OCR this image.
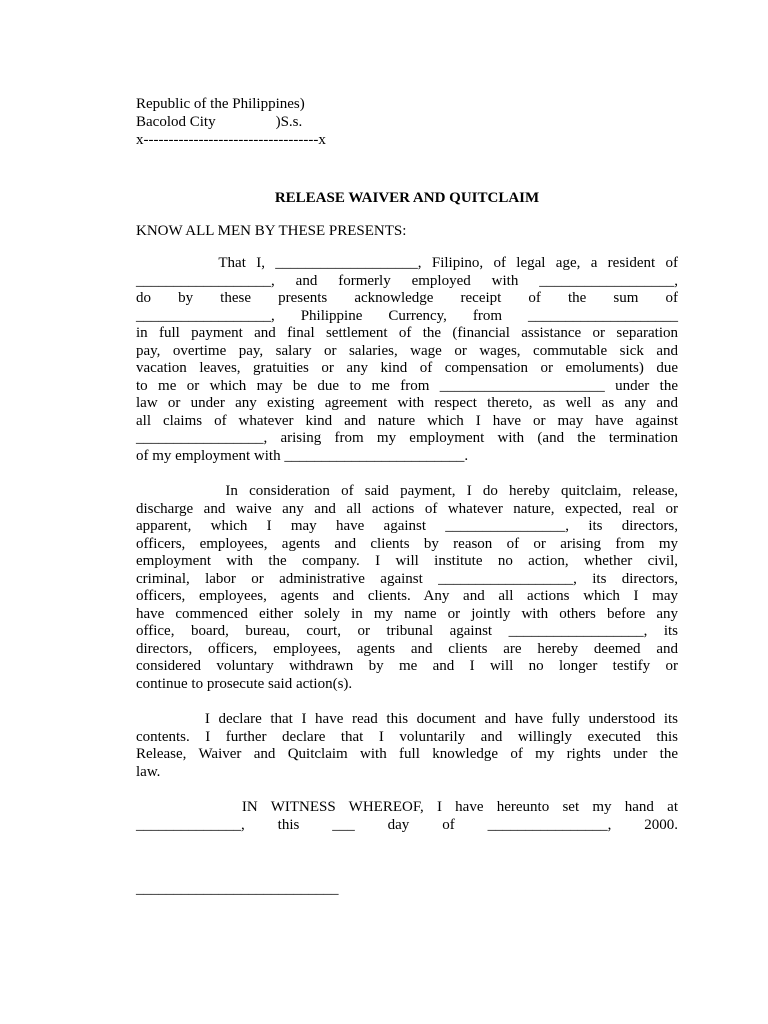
Republic of the Philippines)
Bacolod City                )S.s.
x-----------------------------------x
RELEASE WAIVER AND QUITCLAIM
KNOW ALL MEN BY THESE PRESENTS:
That I, ___________________, Filipino, of legal age, a resident of
__________________, and formerly employed with __________________,
do by these presents acknowledge receipt of the sum of
__________________, Philippine Currency, from ____________________
in full payment and final settlement of the (financial assistance or separation
pay, overtime pay, salary or salaries, wage or wages, commutable sick and
vacation leaves, gratuities or any kind of compensation or emoluments) due
to me or which may be due to me from ______________________ under the
law or under any existing agreement with respect thereto, as well as any and
all claims of whatever kind and nature which I have or may have against
_________________, arising from my employment with (and the termination
of my employment with ________________________.
In consideration of said payment, I do hereby quitclaim, release,
discharge and waive any and all actions of whatever nature, expected, real or
apparent, which I may have against ________________, its directors,
officers, employees, agents and clients by reason of or arising from my
employment with the company. I will institute no action, whether civil,
criminal, labor or administrative against __________________, its directors,
officers, employees, agents and clients. Any and all actions which I may
have commenced either solely in my name or jointly with others before any
office, board, bureau, court, or tribunal against __________________, its
directors, officers, employees, agents and clients are hereby deemed and
considered voluntary withdrawn by me and I will no longer testify or
continue to prosecute said action(s).
I declare that I have read this document and have fully understood its
contents. I further declare that I voluntarily and willingly executed this
Release, Waiver and Quitclaim with full knowledge of my rights under the
law.
IN WITNESS WHEREOF, I have hereunto set my hand at
______________, this ___ day of ________________, 2000.
___________________________
